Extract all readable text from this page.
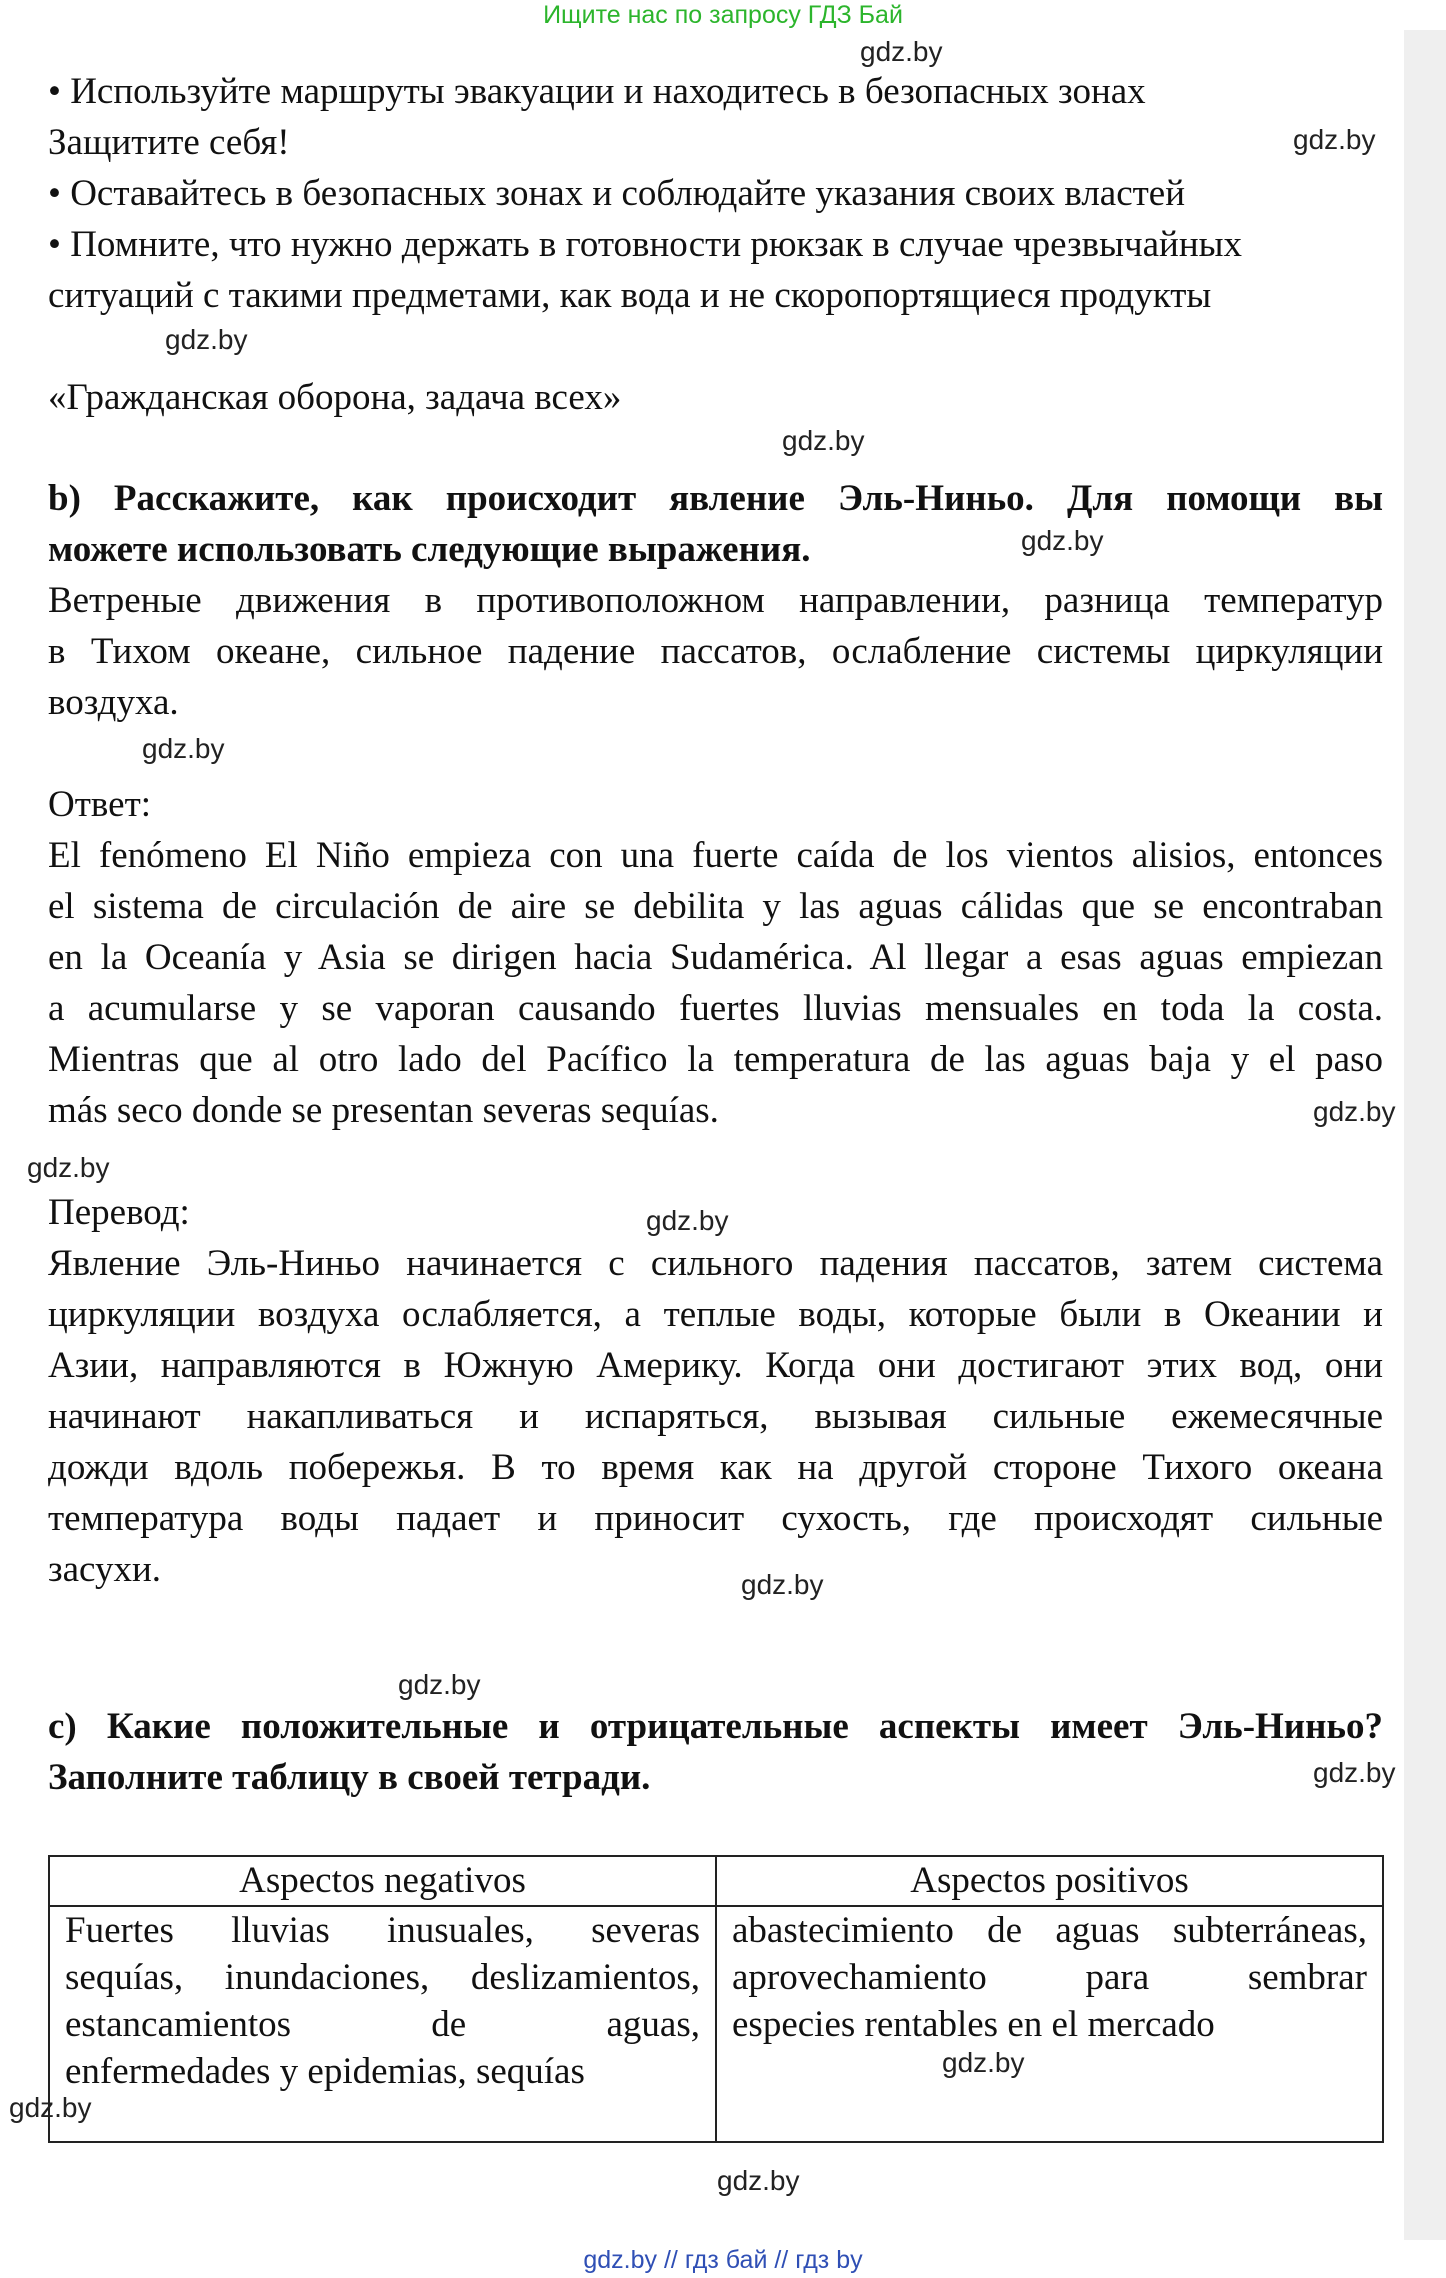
Ищите нас по запросу ГДЗ Бай
• Используйте маршруты эвакуации и находитесь в безопасных зонах
Защитите себя!
• Оставайтесь в безопасных зонах и соблюдайте указания своих властей
• Помните, что нужно держать в готовности рюкзак в случае чрезвычайных
ситуаций с такими предметами, как вода и не скоропортящиеся продукты
«Гражданская оборона, задача всех»
b) Расскажите, как происходит явление Эль-Ниньо. Для помощи вы
можете использовать следующие выражения.
Ветреные движения в противоположном направлении, разница температур
в Тихом океане, сильное падение пассатов, ослабление системы циркуляции
воздуха.
Ответ:
El fenómeno El Niño empieza con una fuerte caída de los vientos alisios, entonces
el sistema de circulación de aire se debilita y las aguas cálidas que se encontraban
en la Oceanía y Asia se dirigen hacia Sudamérica. Al llegar a esas aguas empiezan
a acumularse y se vaporan causando fuertes lluvias mensuales en toda la costa.
Mientras que al otro lado del Pacífico la temperatura de las aguas baja y el paso
más seco donde se presentan severas sequías.
Перевод:
Явление Эль-Ниньо начинается с сильного падения пассатов, затем система
циркуляции воздуха ослабляется, а теплые воды, которые были в Океании и
Азии, направляются в Южную Америку. Когда они достигают этих вод, они
начинают накапливаться и испаряться, вызывая сильные ежемесячные
дожди вдоль побережья. В то время как на другой стороне Тихого океана
температура воды падает и приносит сухость, где происходят сильные
засухи.
c) Какие положительные и отрицательные аспекты имеет Эль-Ниньо?
Заполните таблицу в своей тетради.
Aspectos negativos	Aspectos positivos

Fuertes lluvias inusuales, severas
sequías, inundaciones, deslizamientos,
estancamientos de aguas,
enfermedades y epidemias, sequías	abastecimiento de aguas subterráneas,
aprovechamiento para sembrar
especies rentables en el mercado
gdz.by
gdz.by
gdz.by
gdz.by
gdz.by
gdz.by
gdz.by
gdz.by
gdz.by
gdz.by
gdz.by
gdz.by
gdz.by
gdz.by
gdz.by
gdz.by // гдз бай // гдз by
